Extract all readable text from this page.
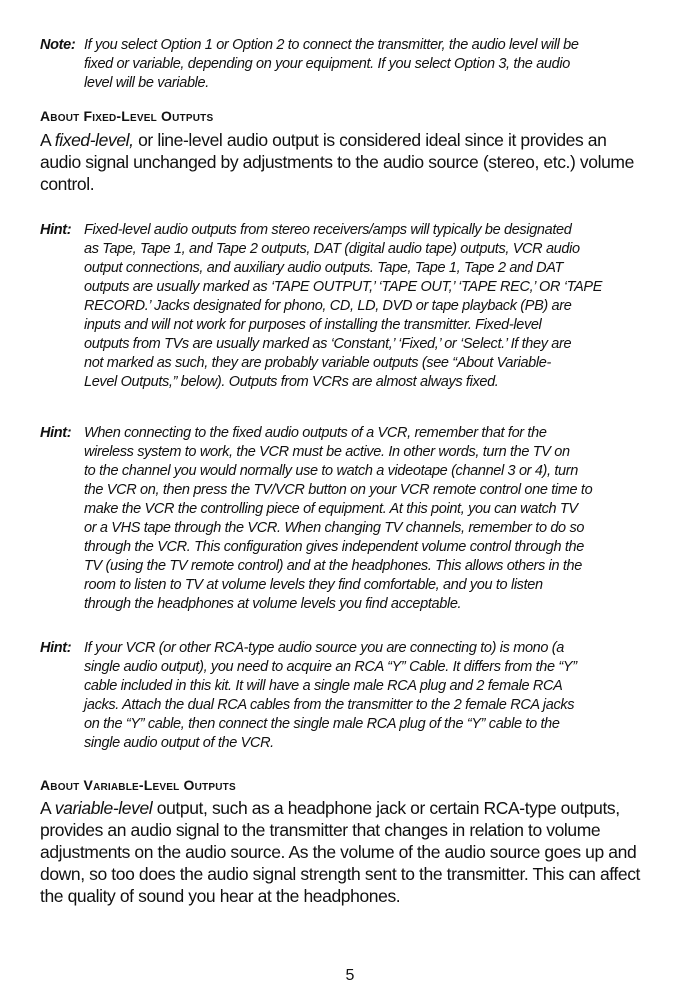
Note: If you select Option 1 or Option 2 to connect the transmitter, the audio level will be
fixed or variable, depending on your equipment. If you select Option 3, the audio
level will be variable.
About Fixed-Level Outputs
A fixed-level, or line-level audio output is considered ideal since it provides an
audio signal unchanged by adjustments to the audio source (stereo, etc.) volume
control.
Hint: Fixed-level audio outputs from stereo receivers/amps will typically be designated
as Tape, Tape 1, and Tape 2 outputs, DAT (digital audio tape) outputs, VCR audio
output connections, and auxiliary audio outputs. Tape, Tape 1, Tape 2 and DAT
outputs are usually marked as ‘TAPE OUTPUT,’ ‘TAPE OUT,’ ‘TAPE REC,’ OR ‘TAPE
RECORD.’ Jacks designated for phono, CD, LD, DVD or tape playback (PB) are
inputs and will not work for purposes of installing the transmitter. Fixed-level
outputs from TVs are usually marked as ‘Constant,’ ‘Fixed,’ or ‘Select.’ If they are
not marked as such, they are probably variable outputs (see “About Variable-
Level Outputs,” below). Outputs from VCRs are almost always fixed.
Hint: When connecting to the fixed audio outputs of a VCR, remember that for the
wireless system to work, the VCR must be active. In other words, turn the TV on
to the channel you would normally use to watch a videotape (channel 3 or 4), turn
the VCR on, then press the TV/VCR button on your VCR remote control one time to
make the VCR the controlling piece of equipment. At this point, you can watch TV
or a VHS tape through the VCR. When changing TV channels, remember to do so
through the VCR. This configuration gives independent volume control through the
TV (using the TV remote control) and at the headphones. This allows others in the
room to listen to TV at volume levels they find comfortable, and you to listen
through the headphones at volume levels you find acceptable.
Hint: If your VCR (or other RCA-type audio source you are connecting to) is mono (a
single audio output), you need to acquire an RCA “Y” Cable. It differs from the “Y”
cable included in this kit. It will have a single male RCA plug and 2 female RCA
jacks. Attach the dual RCA cables from the transmitter to the 2 female RCA jacks
on the “Y” cable, then connect the single male RCA plug of the “Y” cable to the
single audio output of the VCR.
About Variable-Level Outputs
A variable-level output, such as a headphone jack or certain RCA-type outputs,
provides an audio signal to the transmitter that changes in relation to volume
adjustments on the audio source. As the volume of the audio source goes up and
down, so too does the audio signal strength sent to the transmitter. This can affect
the quality of sound you hear at the headphones.
5
